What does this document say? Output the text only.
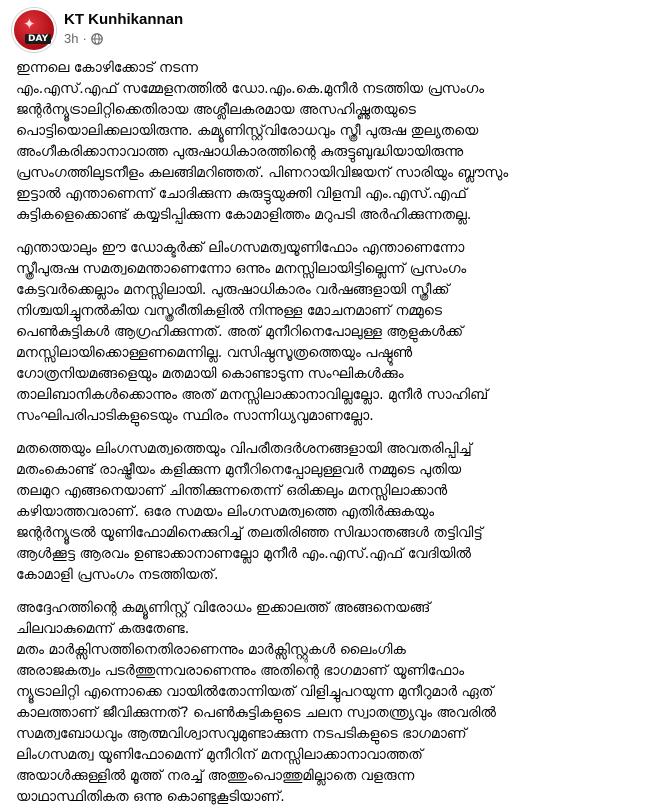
✦
DAY
KT Kunhikannan
3h ·

ഇന്നലെ കോഴിക്കോട് നടന്ന

എം.എസ്.എഫ് സമ്മേളനത്തിൽ ഡോ.എം.കെ.മുനീർ നടത്തിയ പ്രസംഗം

ജന്റർന്യൂട്രാലിറ്റിക്കെതിരായ അശ്ലീലകരമായ അസഹിഷ്ണുതയുടെ

പൊട്ടിയൊലിക്കലായിരുന്നു. കമ്യൂണിസ്റ്റ്‌വിരോധവും സ്ത്രീ പുരുഷ തുല്യതയെ

അംഗീകരിക്കാനാവാത്ത പുരുഷാധികാരത്തിന്റെ കുരുട്ടുബുദ്ധിയായിരുന്നു

പ്രസംഗത്തിലുടനീളം കലങ്ങിമറിഞ്ഞത്. പിണറായിവിജയന് സാരിയും ബ്ലൗസും

ഇട്ടാൽ എന്താണെന്ന് ചോദിക്കുന്ന കുരുട്ടുയുക്തി വിളമ്പി എം.എസ്.എഫ്

കുട്ടികളെക്കൊണ്ട് കയ്യടിപ്പിക്കുന്ന കോമാളിത്തം മറുപടി അർഹിക്കുന്നതല്ല.

എന്തായാലും ഈ ഡോക്ടർക്ക് ലിംഗസമത്വയൂണിഫോം എന്താണെന്നോ

സ്ത്രീപുരുഷ സമത്വമെന്താണെന്നോ ഒന്നും മനസ്സിലായിട്ടില്ലെന്ന് പ്രസംഗം

കേട്ടവർക്കെല്ലാം മനസ്സിലായി. പുരുഷാധികാരം വർഷങ്ങളായി സ്ത്രീക്ക്

നിശ്ചയിച്ചുനൽകിയ വസ്ത്രരീതികളിൽ നിന്നുള്ള മോചനമാണ് നമ്മുടെ

പെൺകുട്ടികൾ ആഗ്രഹിക്കുന്നത്. അത് മുനീറിനെപോലുള്ള ആളുകൾക്ക്

മനസ്സിലായിക്കൊള്ളണമെന്നില്ല. വസിഷ്ഠസൂത്രത്തെയും പഷ്ഠൂൺ

ഗോത്രനിയമങ്ങളെയും മതമായി കൊണ്ടാടുന്ന സംഘികൾക്കും

താലിബാനികൾക്കൊന്നും അത് മനസ്സിലാക്കാനാവില്ലല്ലോ. മുനീർ സാഹിബ്

സംഘിപരിപാടികളുടെയും സ്ഥിരം സാന്നിധ്യവുമാണല്ലോ.

മതത്തെയും ലിംഗസമത്വത്തെയും വിപരീതദർശനങ്ങളായി അവതരിപ്പിച്ച്

മതംകൊണ്ട് രാഷ്ട്രീയം കളിക്കുന്ന മുനീറിനെപ്പോലുള്ളവർ നമ്മുടെ പുതിയ

തലമുറ എങ്ങനെയാണ് ചിന്തിക്കുന്നതെന്ന് ഒരിക്കലും മനസ്സിലാക്കാൻ

കഴിയാത്തവരാണ്. ഒരേ സമയം ലിംഗസമത്വത്തെ എതിർക്കുകയും

ജന്റർന്യൂട്രൽ യൂണിഫോമിനെക്കുറിച്ച് തലതിരിഞ്ഞ സിദ്ധാന്തങ്ങൾ തട്ടിവിട്ട്

ആൾക്കൂട്ട ആരവം ഉണ്ടാക്കാനാണല്ലോ മുനീർ എം.എസ്.എഫ് വേദിയിൽ

കോമാളി പ്രസംഗം നടത്തിയത്.

അദ്ദേഹത്തിന്റെ കമ്യൂണിസ്റ്റ് വിരോധം ഇക്കാലത്ത് അങ്ങനെയങ്ങ്

ചിലവാകുമെന്ന് കരുതേണ്ട.

മതം മാർക്സിസത്തിനെതിരാണെന്നും മാർക്സിസ്റ്റുകൾ ലൈംഗിക

അരാജകത്വം പടർത്തുന്നവരാണെന്നും അതിന്റെ ഭാഗമാണ് യൂണിഫോം

ന്യൂട്രാലിറ്റി എന്നൊക്കെ വായിൽതോന്നിയത് വിളിച്ചുപറയുന്ന മുനീറുമാർ ഏത്

കാലത്താണ് ജീവിക്കുന്നത്? പെൺകുട്ടികളുടെ ചലന സ്വാതന്ത്ര്യവും അവരിൽ

സമത്വബോധവും ആത്മവിശ്വാസവുമുണ്ടാക്കുന്ന നടപടികളുടെ ഭാഗമാണ്

ലിംഗസമത്വ യൂണിഫോമെന്ന് മുനീറിന് മനസ്സിലാക്കാനാവാത്തത്

അയാൾക്കുള്ളിൽ മൂത്ത് നരച്ച് അത്തുംപൊത്തുമില്ലാതെ വളരുന്ന

യാഥാസ്ഥിതികത ഒന്നു കൊണ്ടുകൂടിയാണ്.
